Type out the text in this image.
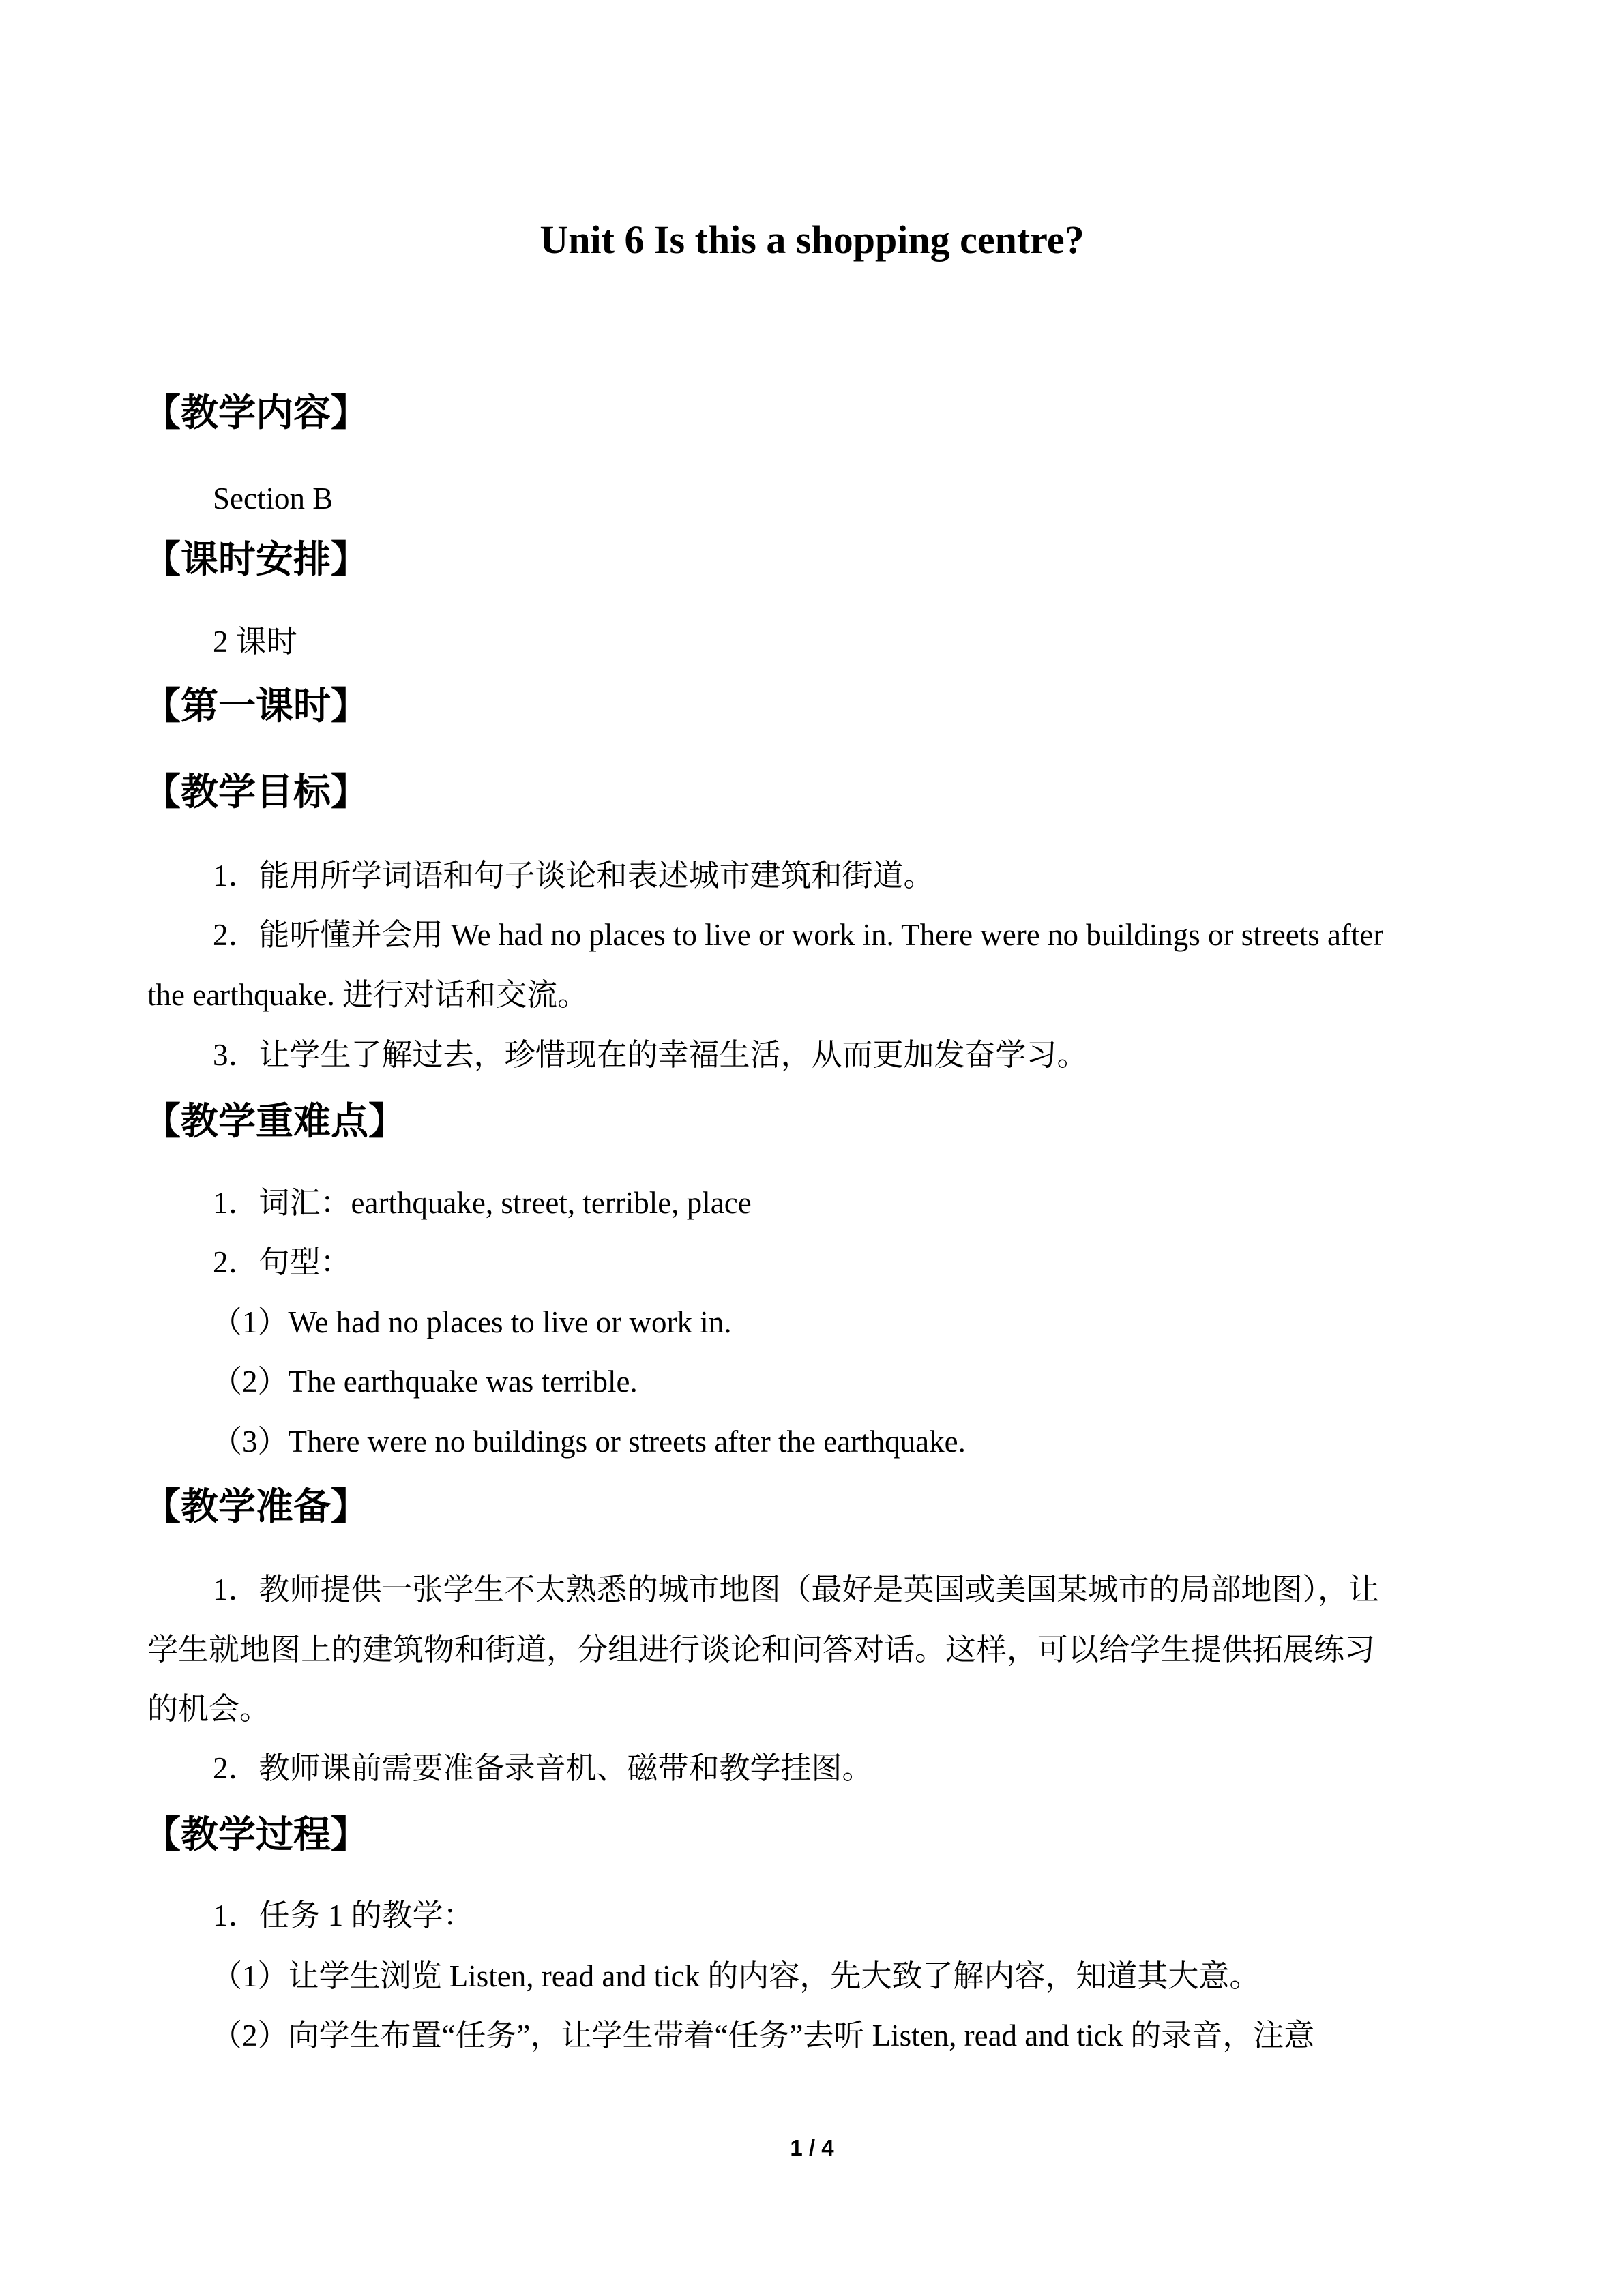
Unit 6 Is this a shopping centre?
【教学内容】
Section B
【课时安排】
2 课时
【第一课时】
【教学目标】
1．能用所学词语和句子谈论和表述城市建筑和街道。
2．能听懂并会用 We had no places to live or work in. There were no buildings or streets after
the earthquake. 进行对话和交流。
3．让学生了解过去，珍惜现在的幸福生活，从而更加发奋学习。
【教学重难点】
1．词汇：earthquake, street, terrible, place
2．句型：
（1）We had no places to live or work in.
（2）The earthquake was terrible.
（3）There were no buildings or streets after the earthquake.
【教学准备】
1．教师提供一张学生不太熟悉的城市地图（最好是英国或美国某城市的局部地图），让
学生就地图上的建筑物和街道，分组进行谈论和问答对话。这样，可以给学生提供拓展练习
的机会。
2．教师课前需要准备录音机、磁带和教学挂图。
【教学过程】
1．任务 1 的教学：
（1）让学生浏览 Listen, read and tick 的内容，先大致了解内容，知道其大意。
（2）向学生布置“任务”，让学生带着“任务”去听 Listen, read and tick 的录音，注意
1 / 4
